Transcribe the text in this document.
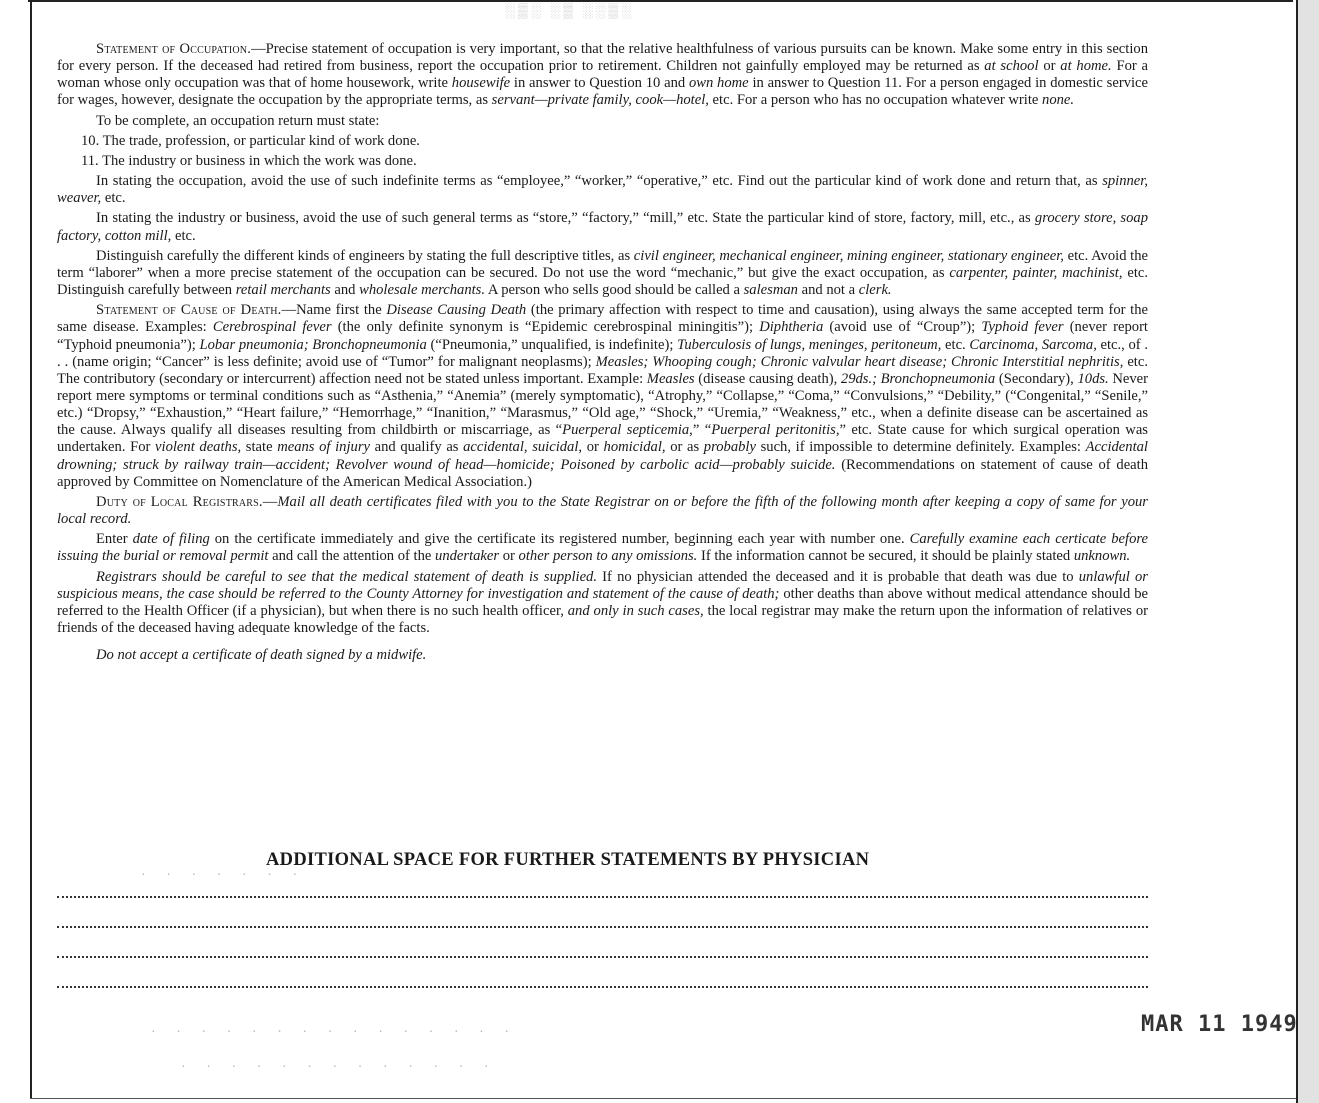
░▒░ ░▒ ░░▒░

Statement of Occupation.—Precise statement of occupation is very important, so that the relative healthfulness of various pursuits can be known. Make some entry in this section for every person. If the deceased had retired from business, report the occupation prior to retirement. Children not gainfully employed may be returned as at school or at home. For a woman whose only occupation was that of home housework, write housewife in answer to Question 10 and own home in answer to Question 11. For a person engaged in domestic service for wages, however, designate the occupation by the appropriate terms, as servant—private family, cook—hotel, etc. For a person who has no occupation whatever write none.

To be complete, an occupation return must state:

10. The trade, profession, or particular kind of work done.

11. The industry or business in which the work was done.

In stating the occupation, avoid the use of such indefinite terms as “employee,” “worker,” “operative,” etc. Find out the particular kind of work done and return that, as spinner, weaver, etc.

In stating the industry or business, avoid the use of such general terms as “store,” “factory,” “mill,” etc. State the particular kind of store, factory, mill, etc., as grocery store, soap factory, cotton mill, etc.

Distinguish carefully the different kinds of engineers by stating the full descriptive titles, as civil engineer, mechanical engineer, mining engineer, stationary engineer, etc. Avoid the term “laborer” when a more precise statement of the occupation can be secured. Do not use the word “mechanic,” but give the exact occupation, as carpenter, painter, machinist, etc. Distinguish carefully between retail merchants and wholesale merchants. A person who sells good should be called a salesman and not a clerk.

Statement of Cause of Death.—Name first the Disease Causing Death (the primary affection with respect to time and causation), using always the same accepted term for the same disease. Examples: Cerebrospinal fever (the only definite synonym is “Epidemic cerebrospinal miningitis”); Diphtheria (avoid use of “Croup”); Typhoid fever (never report “Typhoid pneumonia”); Lobar pneumonia; Bronchopneumonia (“Pneumonia,” unqualified, is indefinite); Tuberculosis of lungs, meninges, peritoneum, etc. Carcinoma, Sarcoma, etc., of . . . (name origin; “Cancer” is less definite; avoid use of “Tumor” for malignant neoplasms); Measles; Whooping cough; Chronic valvular heart disease; Chronic Interstitial nephritis, etc. The contributory (secondary or intercurrent) affection need not be stated unless important. Example: Measles (disease causing death), 29ds.; Bronchopneumonia (Secondary), 10ds. Never report mere symptoms or terminal conditions such as “Asthenia,” “Anemia” (merely symptomatic), “Atrophy,” “Collapse,” “Coma,” “Convulsions,” “Debility,” (“Congenital,” “Senile,” etc.) “Dropsy,” “Exhaustion,” “Heart failure,” “Hemorrhage,” “Inanition,” “Marasmus,” “Old age,” “Shock,” “Uremia,” “Weakness,” etc., when a definite disease can be ascertained as the cause. Always qualify all diseases resulting from childbirth or miscarriage, as “Puerperal septicemia,” “Puerperal peritonitis,” etc. State cause for which surgical operation was undertaken. For violent deaths, state means of injury and qualify as accidental, suicidal, or homicidal, or as probably such, if impossible to determine definitely. Examples: Accidental drowning; struck by railway train—accident; Revolver wound of head—homicide; Poisoned by carbolic acid—probably suicide. (Recommendations on statement of cause of death approved by Committee on Nomenclature of the American Medical Association.)

Duty of Local Registrars.—Mail all death certificates filed with you to the State Registrar on or before the fifth of the following month after keeping a copy of same for your local record.

Enter date of filing on the certificate immediately and give the certificate its registered number, beginning each year with number one. Carefully examine each certicate before issuing the burial or removal permit and call the attention of the undertaker or other person to any omissions. If the information cannot be secured, it should be plainly stated unknown.

Registrars should be careful to see that the medical statement of death is supplied. If no physician attended the deceased and it is probable that death was due to unlawful or suspicious means, the case should be referred to the County Attorney for investigation and statement of the cause of death; other deaths than above without medical attendance should be referred to the Health Officer (if a physician), but when there is no such health officer, and only in such cases, the local registrar may make the return upon the information of relatives or friends of the deceased having adequate knowledge of the facts.

Do not accept a certificate of death signed by a midwife.

ADDITIONAL SPACE FOR FURTHER STATEMENTS BY PHYSICIAN
· · · · · · ·
· · · · · · · · · · · · · · ·
· · · · · · · · · · · · ·
MAR 11 1949
